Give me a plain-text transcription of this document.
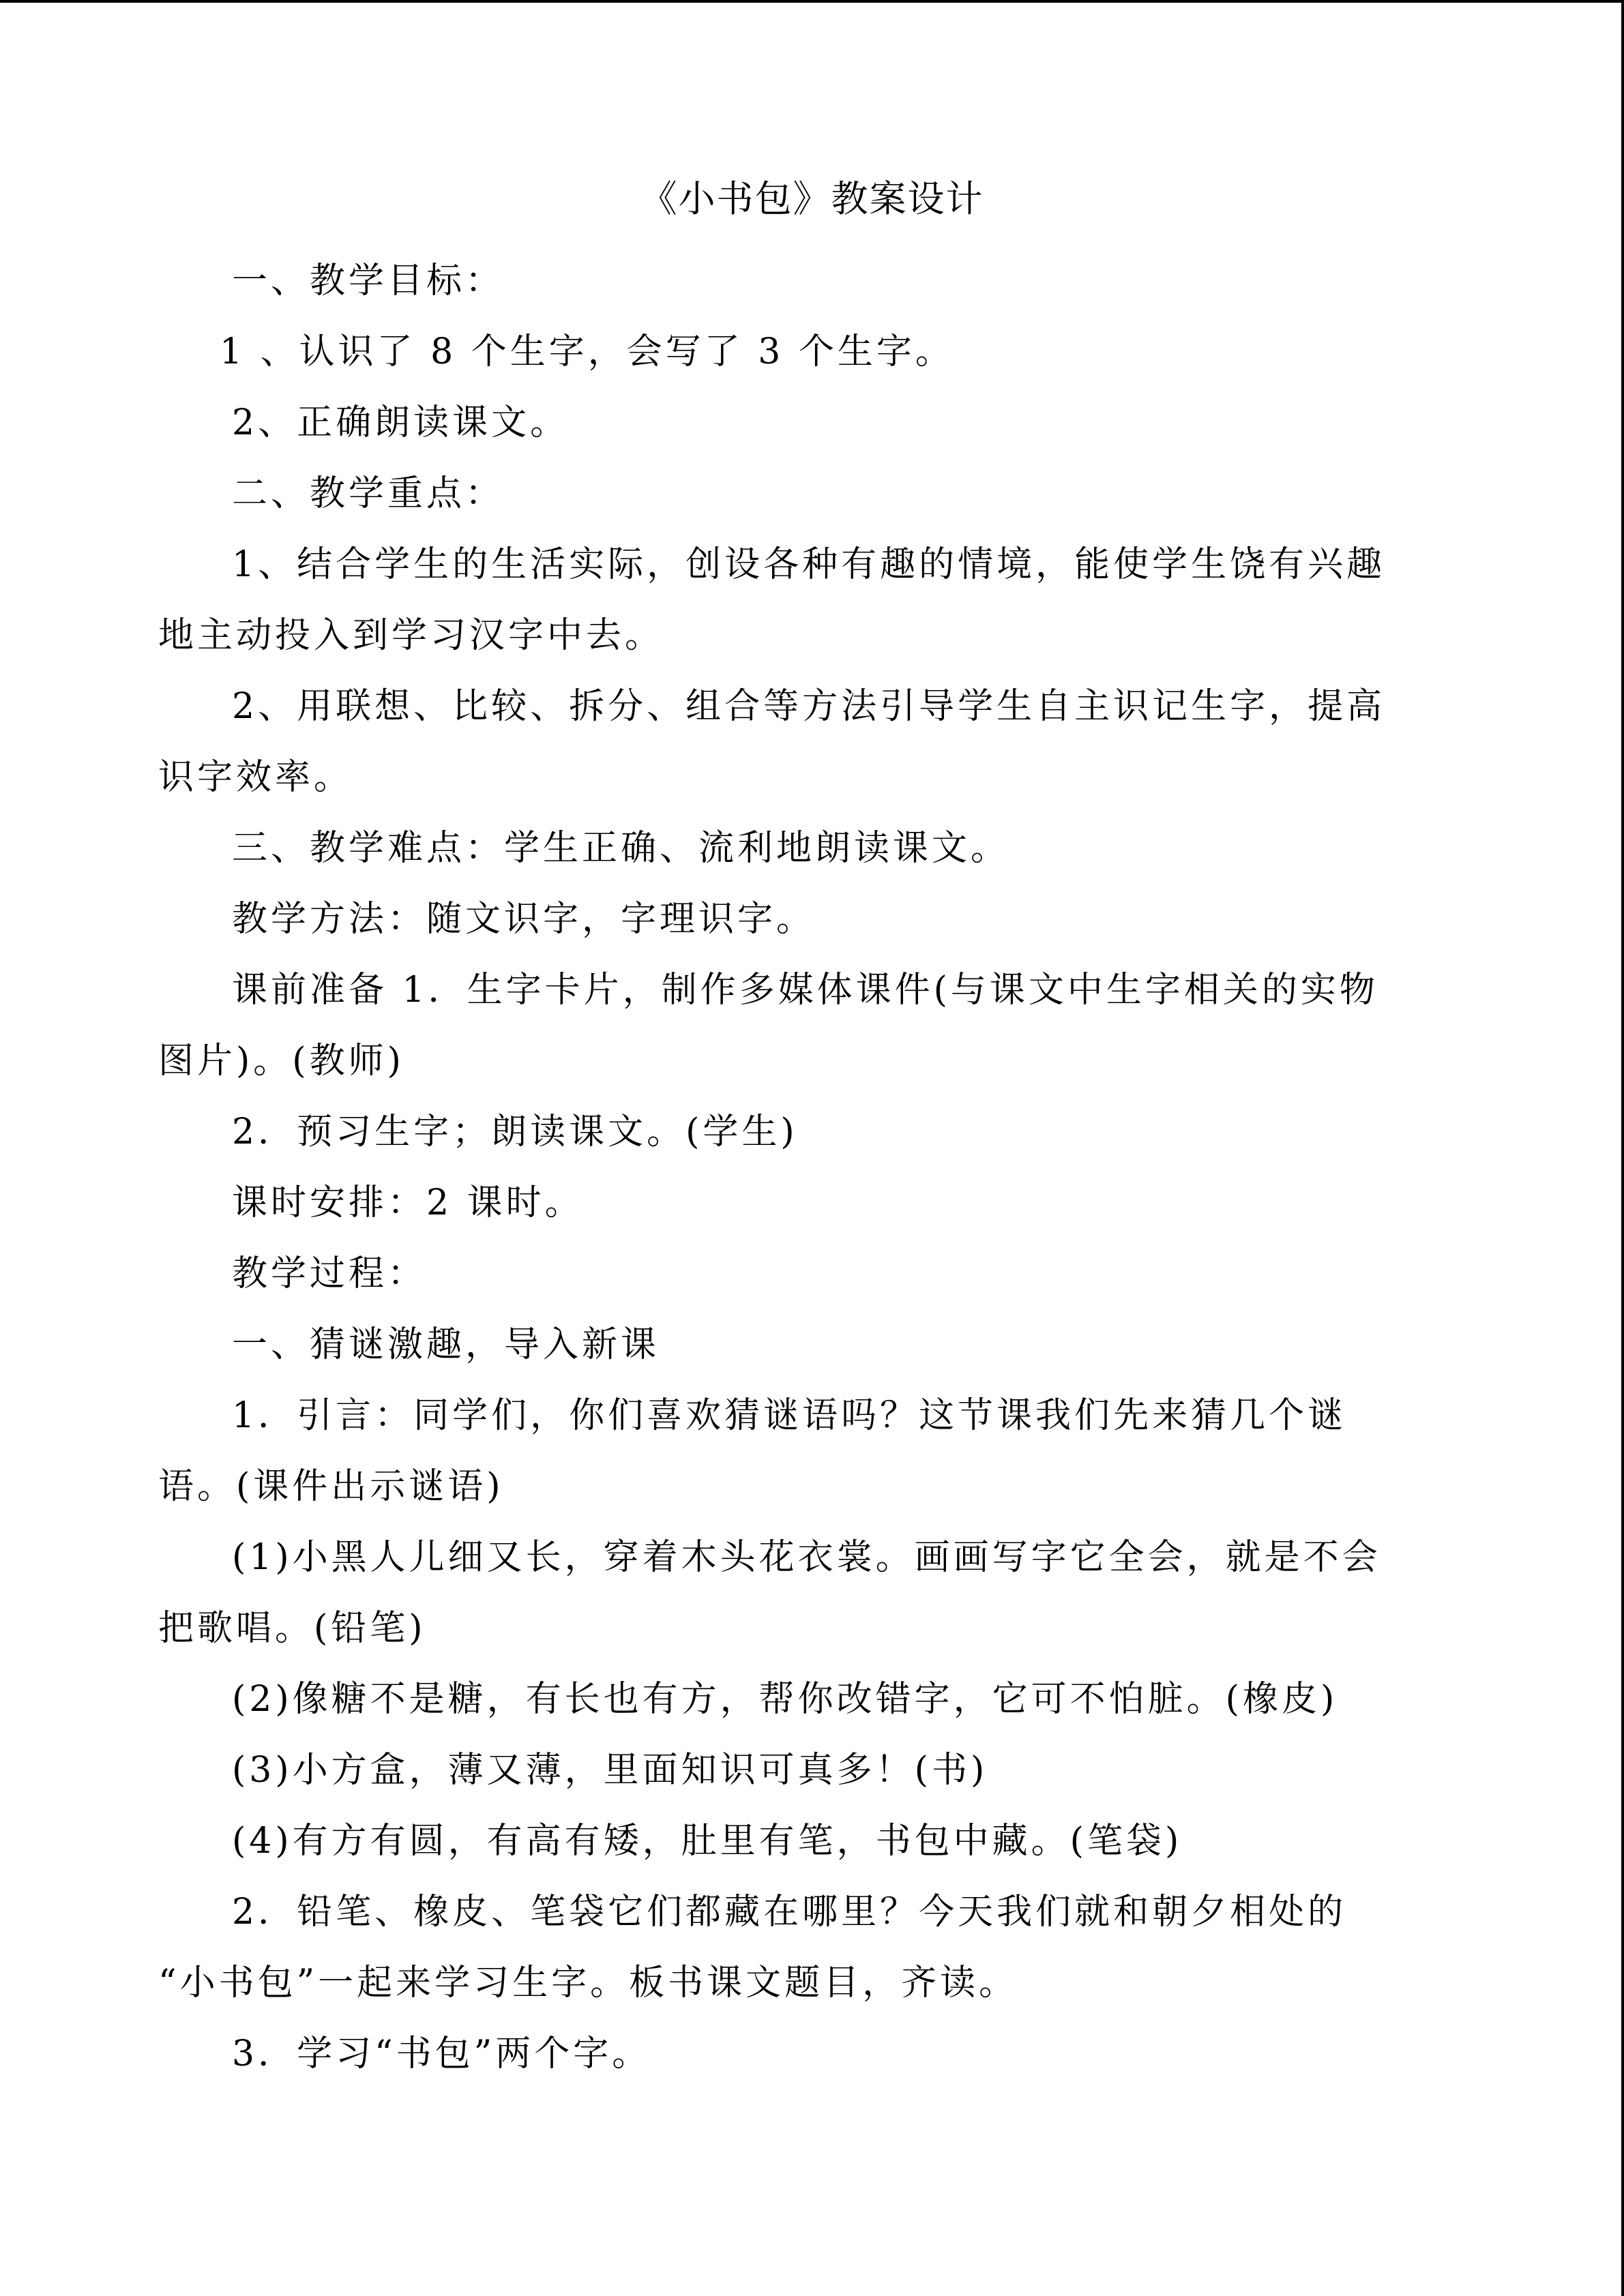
《小书包》教案设计

一、教学目标：

1 、认识了 8 个生字，会写了 3 个生字。

2、正确朗读课文。

二、教学重点：

1、结合学生的生活实际，创设各种有趣的情境，能使学生饶有兴趣
地主动投入到学习汉字中去。

2、用联想、比较、拆分、组合等方法引导学生自主识记生字，提高
识字效率。

三、教学难点：学生正确、流利地朗读课文。

教学方法：随文识字，字理识字。

课前准备 1．生字卡片，制作多媒体课件(与课文中生字相关的实物
图片)。(教师)

2．预习生字；朗读课文。(学生)

课时安排：2 课时。

教学过程：

一、猜谜激趣，导入新课

1．引言：同学们，你们喜欢猜谜语吗？这节课我们先来猜几个谜
语。(课件出示谜语)

(1)小黑人儿细又长，穿着木头花衣裳。画画写字它全会，就是不会
把歌唱。(铅笔)

(2)像糖不是糖，有长也有方，帮你改错字，它可不怕脏。(橡皮)

(3)小方盒，薄又薄，里面知识可真多！(书)

(4)有方有圆，有高有矮，肚里有笔，书包中藏。(笔袋)

2．铅笔、橡皮、笔袋它们都藏在哪里？今天我们就和朝夕相处的
“小书包”一起来学习生字。板书课文题目，齐读。

3．学习“书包”两个字。
